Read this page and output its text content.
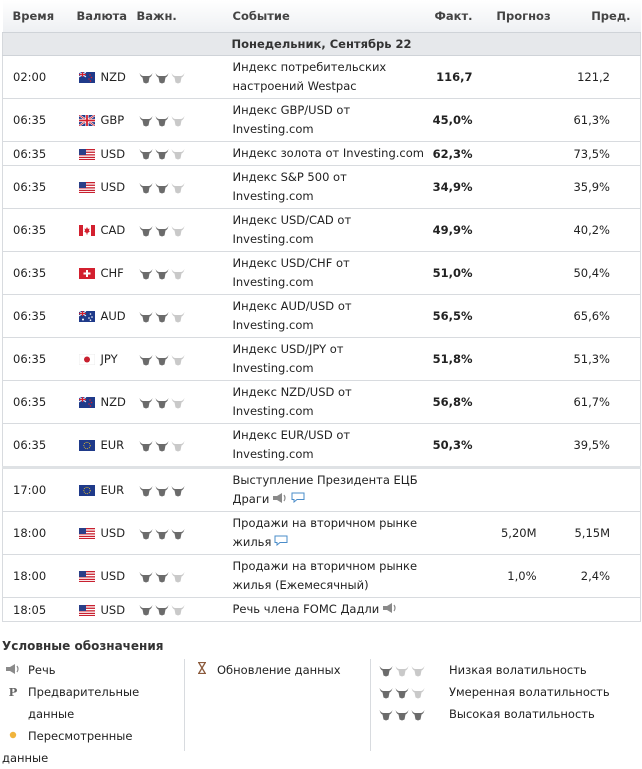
Время	Валюта	Важн.	Событие	Факт.	Прогноз	Пред.
Понедельник, Сентябрь 22						
02:00	NZD		Индекс потребительских
настроений Westpac	116,7		121,2
06:35	GBP		Индекс GBP/USD от
Investing.com	45,0%		61,3%
06:35	USD		Индекс золота от Investing.com	62,3%		73,5%
06:35	USD		Индекс S&P 500 от
Investing.com	34,9%		35,9%
06:35	CAD		Индекс USD/CAD от
Investing.com	49,9%		40,2%
06:35	CHF		Индекс USD/CHF от
Investing.com	51,0%		50,4%
06:35	AUD		Индекс AUD/USD от
Investing.com	56,5%		65,6%
06:35	JPY		Индекс USD/JPY от
Investing.com	51,8%		51,3%
06:35	NZD		Индекс NZD/USD от
Investing.com	56,8%		61,7%
06:35	EUR		Индекс EUR/USD от
Investing.com	50,3%		39,5%
17:00	EUR		Выступление Президента ЕЦБ
Драги			
18:00	USD		Продажи на вторичном рынке
жилья		5,20M	5,15M
18:00	USD		Продажи на вторичном рынке
жилья (Ежемесячный)		1,0%	2,4%
18:05	USD		Речь члена FOMC Дадли			
Условные обозначения
Речь
P Предварительные
данные
Пересмотренные данные
Обновление данных	Низкая волатильность
Умеренная волатильность
Высокая волатильность
